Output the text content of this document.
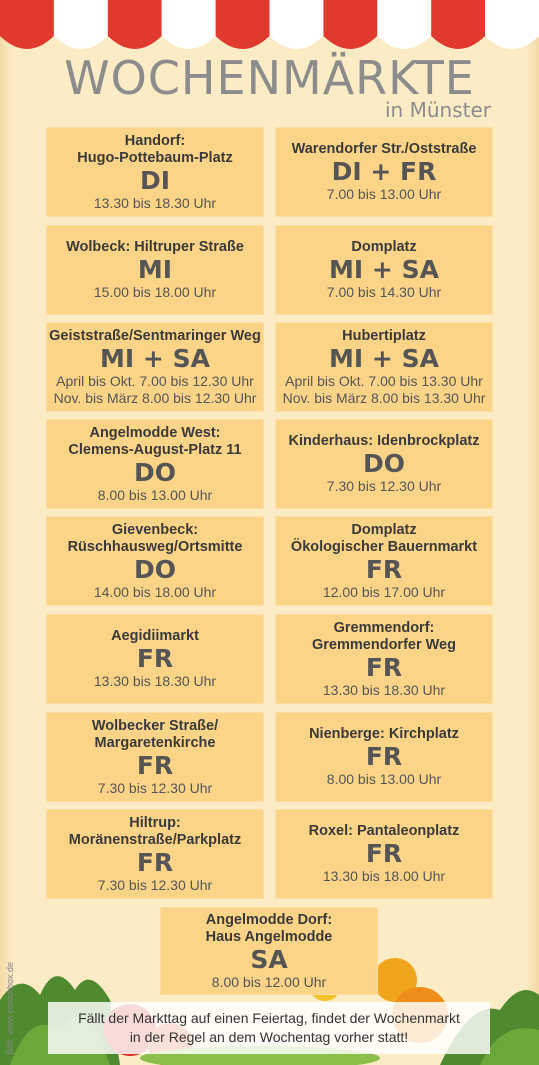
WOCHENMÄRKTE
in Münster
Handorf:
Hugo-Pottebaum-Platz
DI
13.30 bis 18.30 Uhr
Warendorfer Str./Oststraße
DI + FR
7.00 bis 13.00 Uhr
Wolbeck: Hiltruper Straße
MI
15.00 bis 18.00 Uhr
Domplatz
MI + SA
7.00 bis 14.30 Uhr
Geiststraße/Sentmaringer Weg
MI + SA
April bis Okt. 7.00 bis 12.30 Uhr
Nov. bis März 8.00 bis 12.30 Uhr
Hubertiplatz
MI + SA
April bis Okt. 7.00 bis 13.30 Uhr
Nov. bis März 8.00 bis 13.30 Uhr
Angelmodde West:
Clemens-August-Platz 11
DO
8.00 bis 13.00 Uhr
Kinderhaus: Idenbrockplatz
DO
7.30 bis 12.30 Uhr
Gievenbeck:
Rüschhausweg/Ortsmitte
DO
14.00 bis 18.00 Uhr
Domplatz
Ökologischer Bauernmarkt
FR
12.00 bis 17.00 Uhr
Aegidiimarkt
FR
13.30 bis 18.30 Uhr
Gremmendorf:
Gremmendorfer Weg
FR
13.30 bis 18.30 Uhr
Wolbecker Straße/
Margaretenkirche
FR
7.30 bis 12.30 Uhr
Nienberge: Kirchplatz
FR
8.00 bis 13.00 Uhr
Hiltrup:
Moränenstraße/Parkplatz
FR
7.30 bis 12.30 Uhr
Roxel: Pantaleonplatz
FR
13.30 bis 18.00 Uhr
Angelmodde Dorf:
Haus Angelmodde
SA
8.00 bis 12.00 Uhr
Fällt der Markttag auf einen Feiertag, findet der Wochenmarkt
in der Regel an dem Wochentag vorher statt!
Bild: www.colourbox.de
